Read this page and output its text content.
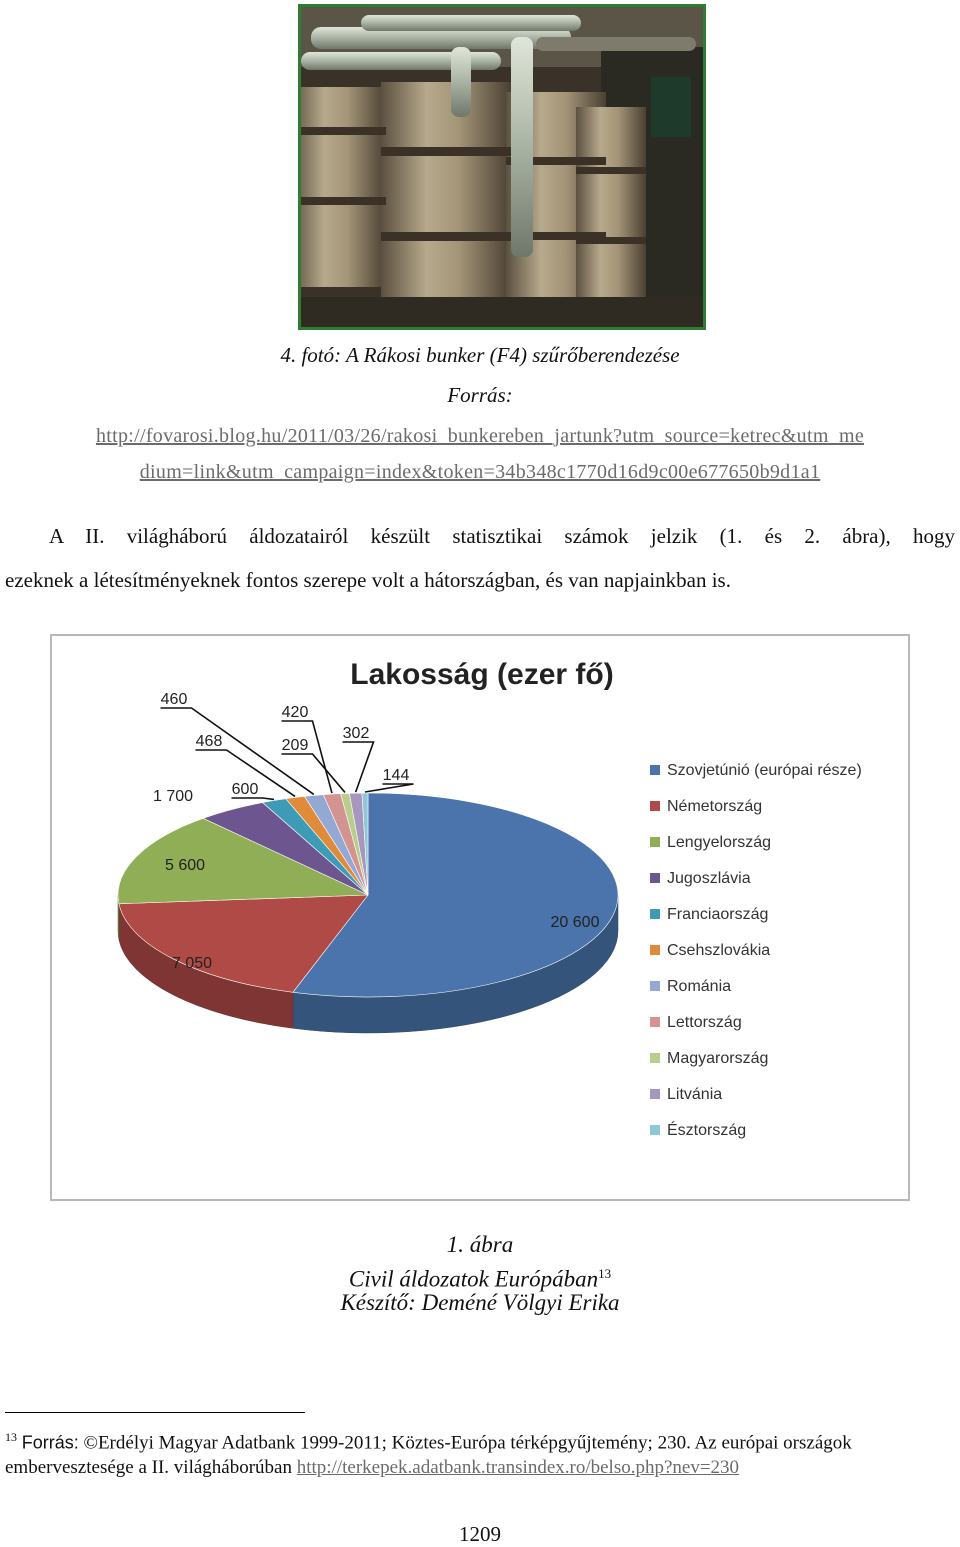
4. fotó: A Rákosi bunker (F4) szűrőberendezése
Forrás:
http://fovarosi.blog.hu/2011/03/26/rakosi_bunkereben_jartunk?utm_source=ketrec&utm_me
dium=link&utm_campaign=index&token=34b348c1770d16d9c00e677650b9d1a1
A II. világháború áldozatairól készült statisztikai számok jelzik (1. és 2. ábra), hogy
ezeknek a létesítményeknek fontos szerepe volt a hátországban, és van napjainkban is.
Lakosság (ezer fő)
20 600
7 050
5 600
1 700 600
468
460
420
209
302
144	Szovjetúnió (európai része)
Németország
Lengyelország
Jugoszlávia
Franciaország
Csehszlovákia
Románia
Lettország
Magyarország
Litvánia
Észtország
1. ábra
Civil áldozatok Európában$^{13}$
Készítő: Deméné Völgyi Erika
$^{13}$ Forrás: ©Erdélyi Magyar Adatbank 1999-2011; Köztes-Európa térképgyűjtemény; 230. Az európai országok
embervesztesége a II. világháborúban http://terkepek.adatbank.transindex.ro/belso.php?nev=230
1209
